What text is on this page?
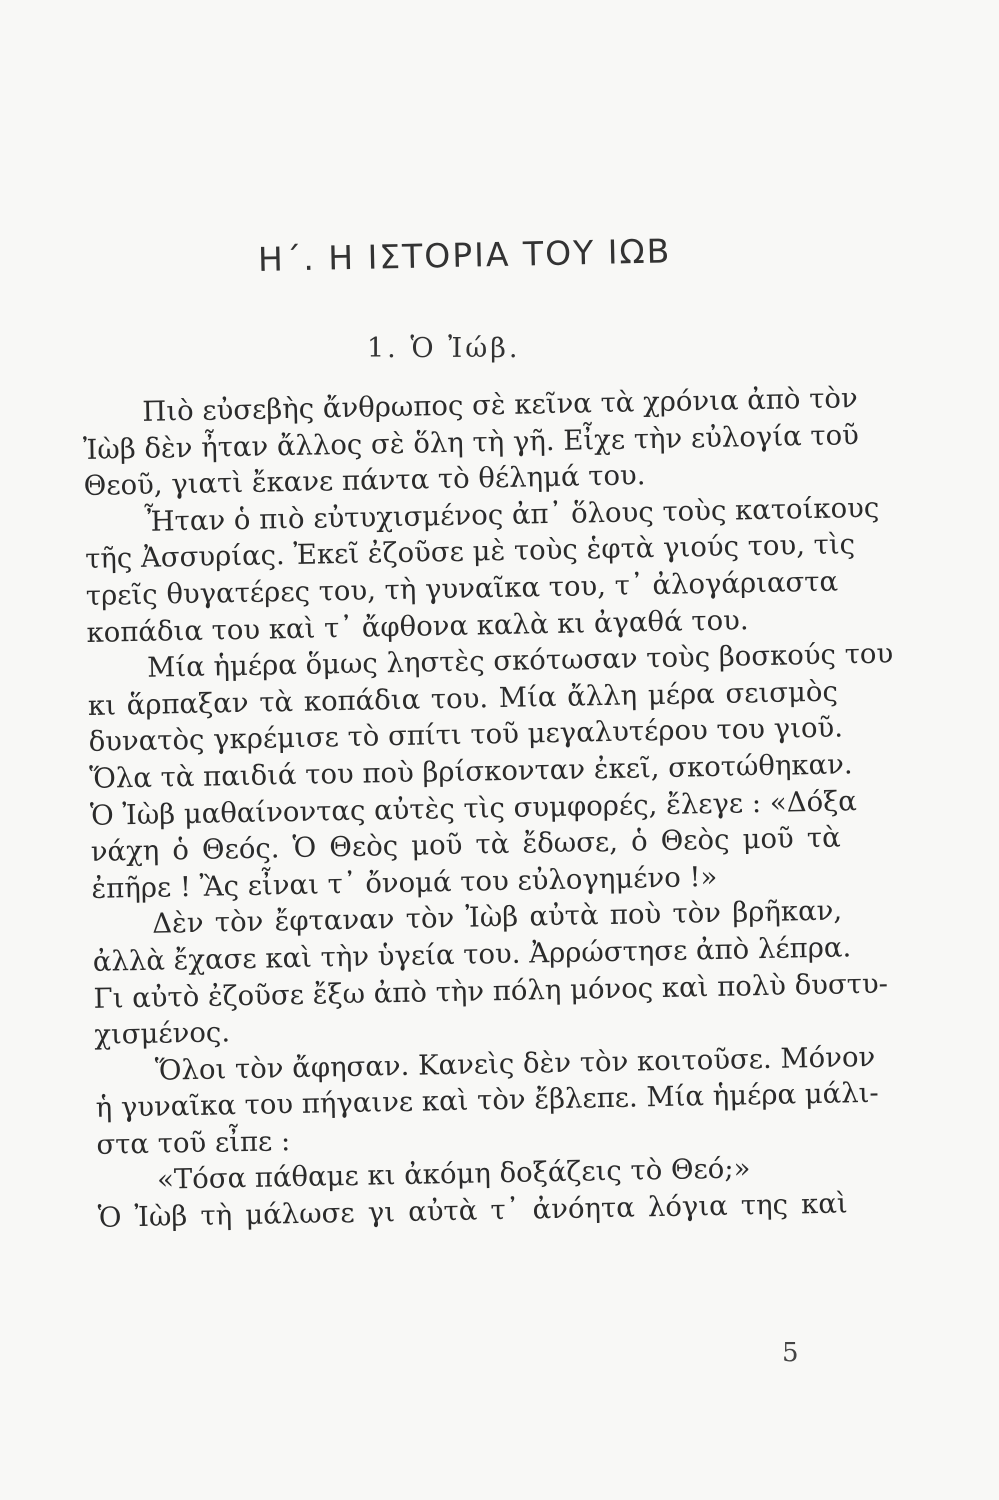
Η΄. Η ΙΣΤΟΡΙΑ ΤΟΥ ΙΩΒ
1. Ὁ Ἰώβ.
Πιὸ εὐσεβὴς ἄνθρωπος σὲ κεῖνα τὰ χρόνια ἀπὸ τὸν
Ἰὼβ δὲν ἦταν ἄλλος σὲ ὅλη τὴ γῆ. Εἶχε τὴν εὐλογία τοῦ
Θεοῦ, γιατὶ ἔκανε πάντα τὸ θέλημά του.
Ἦταν ὁ πιὸ εὐτυχισμένος ἀπ᾽ ὅλους τοὺς κατοίκους
τῆς Ἀσσυρίας. Ἐκεῖ ἐζοῦσε μὲ τοὺς ἑφτὰ γιούς του, τὶς
τρεῖς θυγατέρες του, τὴ γυναῖκα του, τ᾽ ἀλογάριαστα
κοπάδια του καὶ τ᾽ ἄφθονα καλὰ κι ἀγαθά του.
Μία ἡμέρα ὅμως ληστὲς σκότωσαν τοὺς βοσκούς του
κι ἅρπαξαν τὰ κοπάδια του. Μία ἄλλη μέρα σεισμὸς
δυνατὸς γκρέμισε τὸ σπίτι τοῦ μεγαλυτέρου του γιοῦ.
Ὅλα τὰ παιδιά του ποὺ βρίσκονταν ἐκεῖ, σκοτώθηκαν.
Ὁ Ἰὼβ μαθαίνοντας αὐτὲς τὶς συμφορές, ἔλεγε : «Δόξα
νάχη ὁ Θεός. Ὁ Θεὸς μοῦ τὰ ἔδωσε, ὁ Θεὸς μοῦ τὰ
ἐπῆρε ! Ἂς εἶναι τ᾽ ὄνομά του εὐλογημένο !»
Δὲν τὸν ἔφταναν τὸν Ἰὼβ αὐτὰ ποὺ τὸν βρῆκαν,
ἀλλὰ ἔχασε καὶ τὴν ὑγεία του. Ἀρρώστησε ἀπὸ λέπρα.
Γι αὐτὸ ἐζοῦσε ἔξω ἀπὸ τὴν πόλη μόνος καὶ πολὺ δυστυ-
χισμένος.
Ὅλοι τὸν ἄφησαν. Κανεὶς δὲν τὸν κοιτοῦσε. Μόνον
ἡ γυναῖκα του πήγαινε καὶ τὸν ἔβλεπε. Μία ἡμέρα μάλι-
στα τοῦ εἶπε :
«Τόσα πάθαμε κι ἀκόμη δοξάζεις τὸ Θεό;»
Ὁ Ἰὼβ τὴ μάλωσε γι αὐτὰ τ᾽ ἀνόητα λόγια της καὶ
5
